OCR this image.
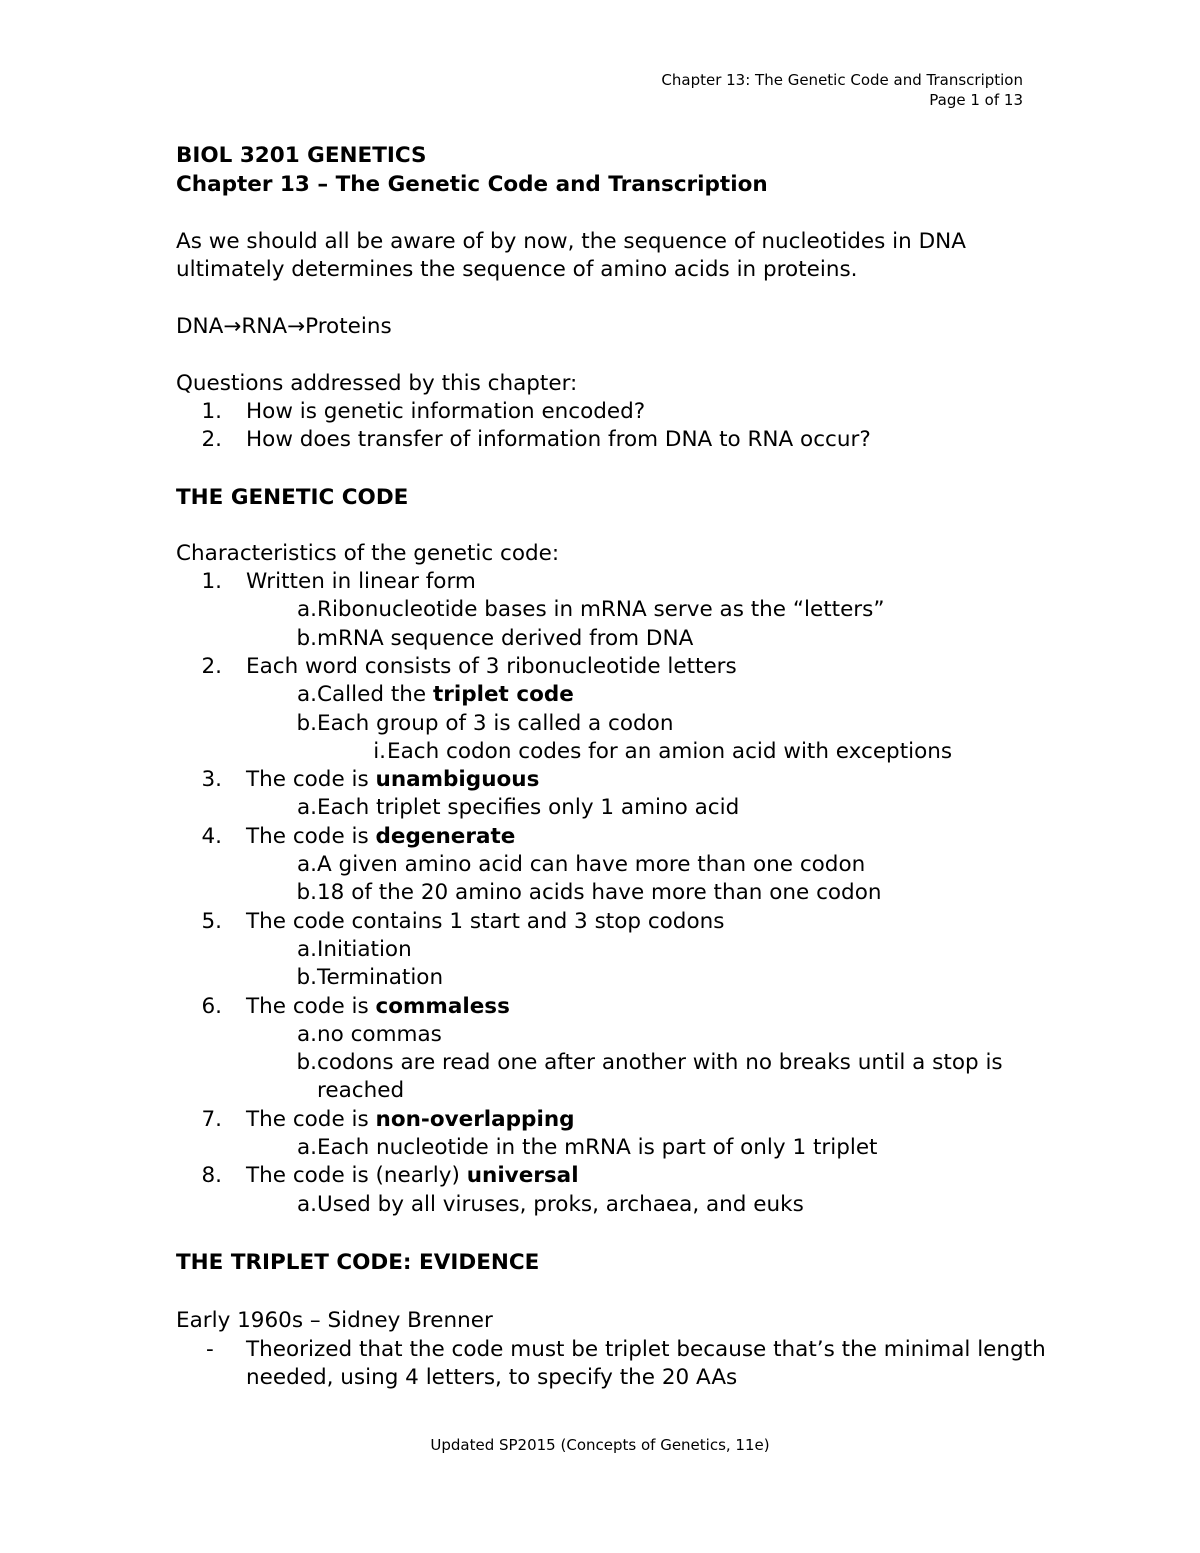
Chapter 13: The Genetic Code and Transcription
Page 1 of 13
BIOL 3201 GENETICS
Chapter 13 – The Genetic Code and Transcription
As we should all be aware of by now, the sequence of nucleotides in DNA
ultimately determines the sequence of amino acids in proteins.
DNA→RNA→Proteins
Questions addressed by this chapter:
1. How is genetic information encoded?
2. How does transfer of information from DNA to RNA occur?
THE GENETIC CODE
Characteristics of the genetic code:
1. Written in linear form
a. Ribonucleotide bases in mRNA serve as the “letters”
b. mRNA sequence derived from DNA
2. Each word consists of 3 ribonucleotide letters
a. Called the triplet code
b. Each group of 3 is called a codon
i. Each codon codes for an amion acid with exceptions
3. The code is unambiguous
a. Each triplet specifies only 1 amino acid
4. The code is degenerate
a. A given amino acid can have more than one codon
b. 18 of the 20 amino acids have more than one codon
5. The code contains 1 start and 3 stop codons
a. Initiation
b. Termination
6. The code is commaless
a. no commas
b. codons are read one after another with no breaks until a stop is
reached
7. The code is non-overlapping
a. Each nucleotide in the mRNA is part of only 1 triplet
8. The code is (nearly) universal
a. Used by all viruses, proks, archaea, and euks
THE TRIPLET CODE: EVIDENCE
Early 1960s – Sidney Brenner
- Theorized that the code must be triplet because that’s the minimal length
needed, using 4 letters, to specify the 20 AAs
Updated SP2015 (Concepts of Genetics, 11e)
